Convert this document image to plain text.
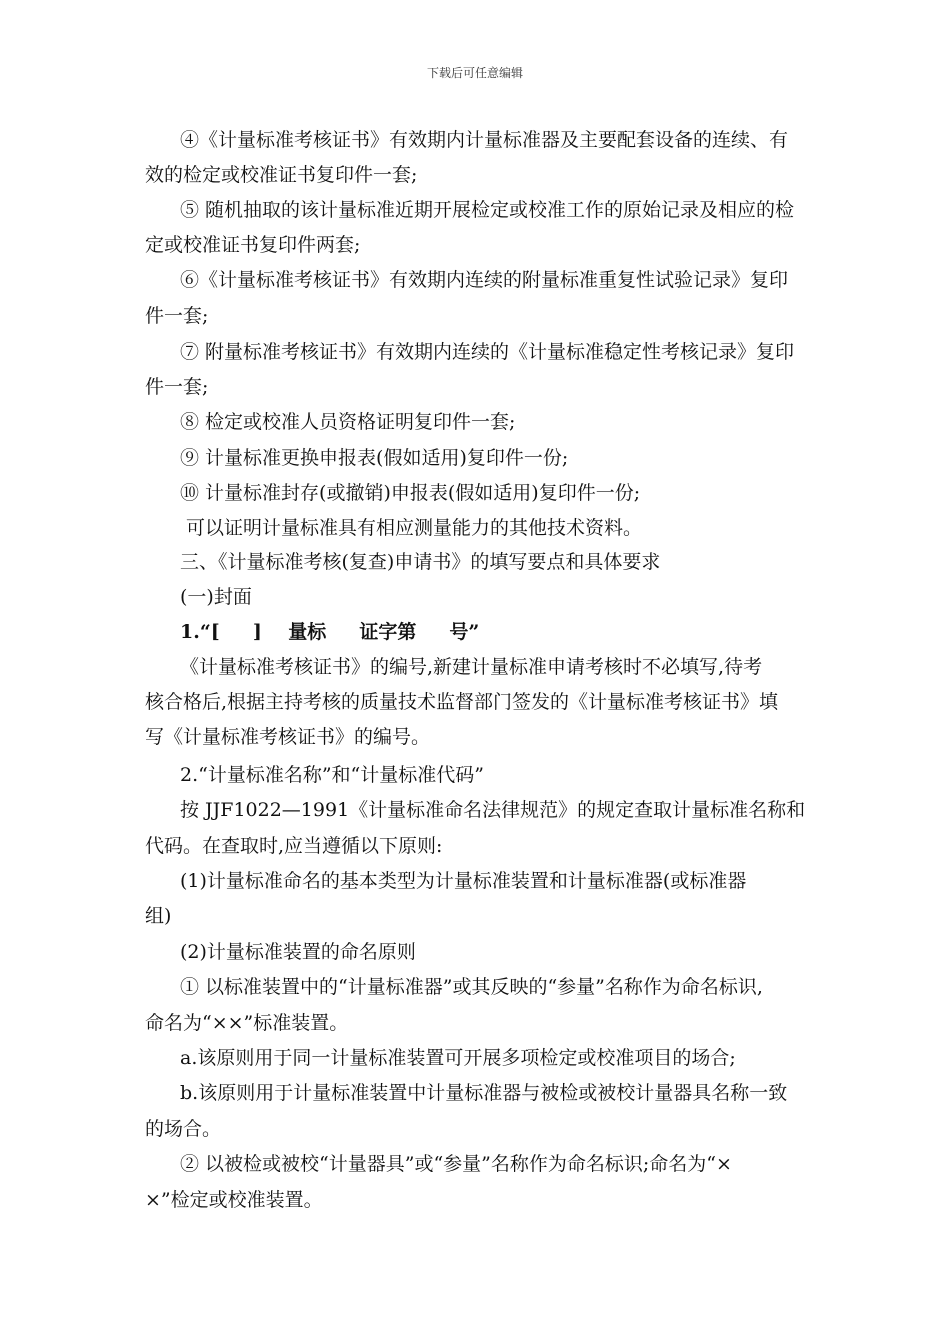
下载后可任意编辑
④《计量标准考核证书》有效期内计量标准器及主要配套设备的连续、有
效的检定或校准证书复印件一套;
⑤ 随机抽取的该计量标准近期开展检定或校准工作的原始记录及相应的检
定或校准证书复印件两套;
⑥《计量标准考核证书》有效期内连续的附量标准重复性试验记录》复印
件一套;
⑦ 附量标准考核证书》有效期内连续的《计量标准稳定性考核记录》复印
件一套;
⑧ 检定或校准人员资格证明复印件一套;
⑨ 计量标准更换申报表(假如适用)复印件一份;
⑩ 计量标准封存(或撤销)申报表(假如适用)复印件一份;
可以证明计量标准具有相应测量能力的其他技术资料。
三、《计量标准考核(复查)申请书》的填写要点和具体要求
(一)封面
1.“[     ]    量标     证字第     号”
《计量标准考核证书》的编号,新建计量标准申请考核时不必填写,待考
核合格后,根据主持考核的质量技术监督部门签发的《计量标准考核证书》填
写《计量标准考核证书》的编号。
2.“计量标准名称”和“计量标准代码”
按 JJF1022—1991《计量标准命名法律规范》的规定查取计量标准名称和
代码。在查取时,应当遵循以下原则:
(1)计量标准命名的基本类型为计量标准装置和计量标准器(或标准器
组)
(2)计量标准装置的命名原则
① 以标准装置中的“计量标准器”或其反映的“参量”名称作为命名标识,
命名为“××”标准装置。
a.该原则用于同一计量标准装置可开展多项检定或校准项目的场合;
b.该原则用于计量标准装置中计量标准器与被检或被校计量器具名称一致
的场合。
② 以被检或被校“计量器具”或“参量”名称作为命名标识;命名为“×
×”检定或校准装置。
